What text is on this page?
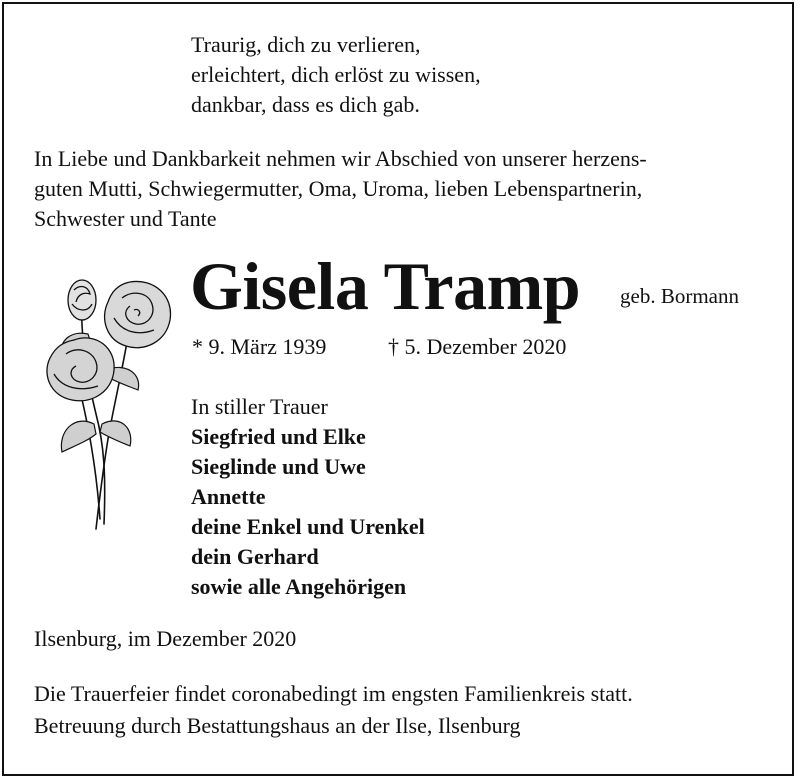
Traurig, dich zu verlieren,
erleichtert, dich erlöst zu wissen,
dankbar, dass es dich gab.
In Liebe und Dankbarkeit nehmen wir Abschied von unserer herzens-
guten Mutti, Schwiegermutter, Oma, Uroma, lieben Lebenspartnerin,
Schwester und Tante
Gisela Tramp geb. Bormann
* 9. März 1939	† 5. Dezember 2020
In stiller Trauer
Siegfried und Elke
Sieglinde und Uwe
Annette
deine Enkel und Urenkel
dein Gerhard
sowie alle Angehörigen
Ilsenburg, im Dezember 2020
Die Trauerfeier findet coronabedingt im engsten Familienkreis statt.
Betreuung durch Bestattungshaus an der Ilse, Ilsenburg
